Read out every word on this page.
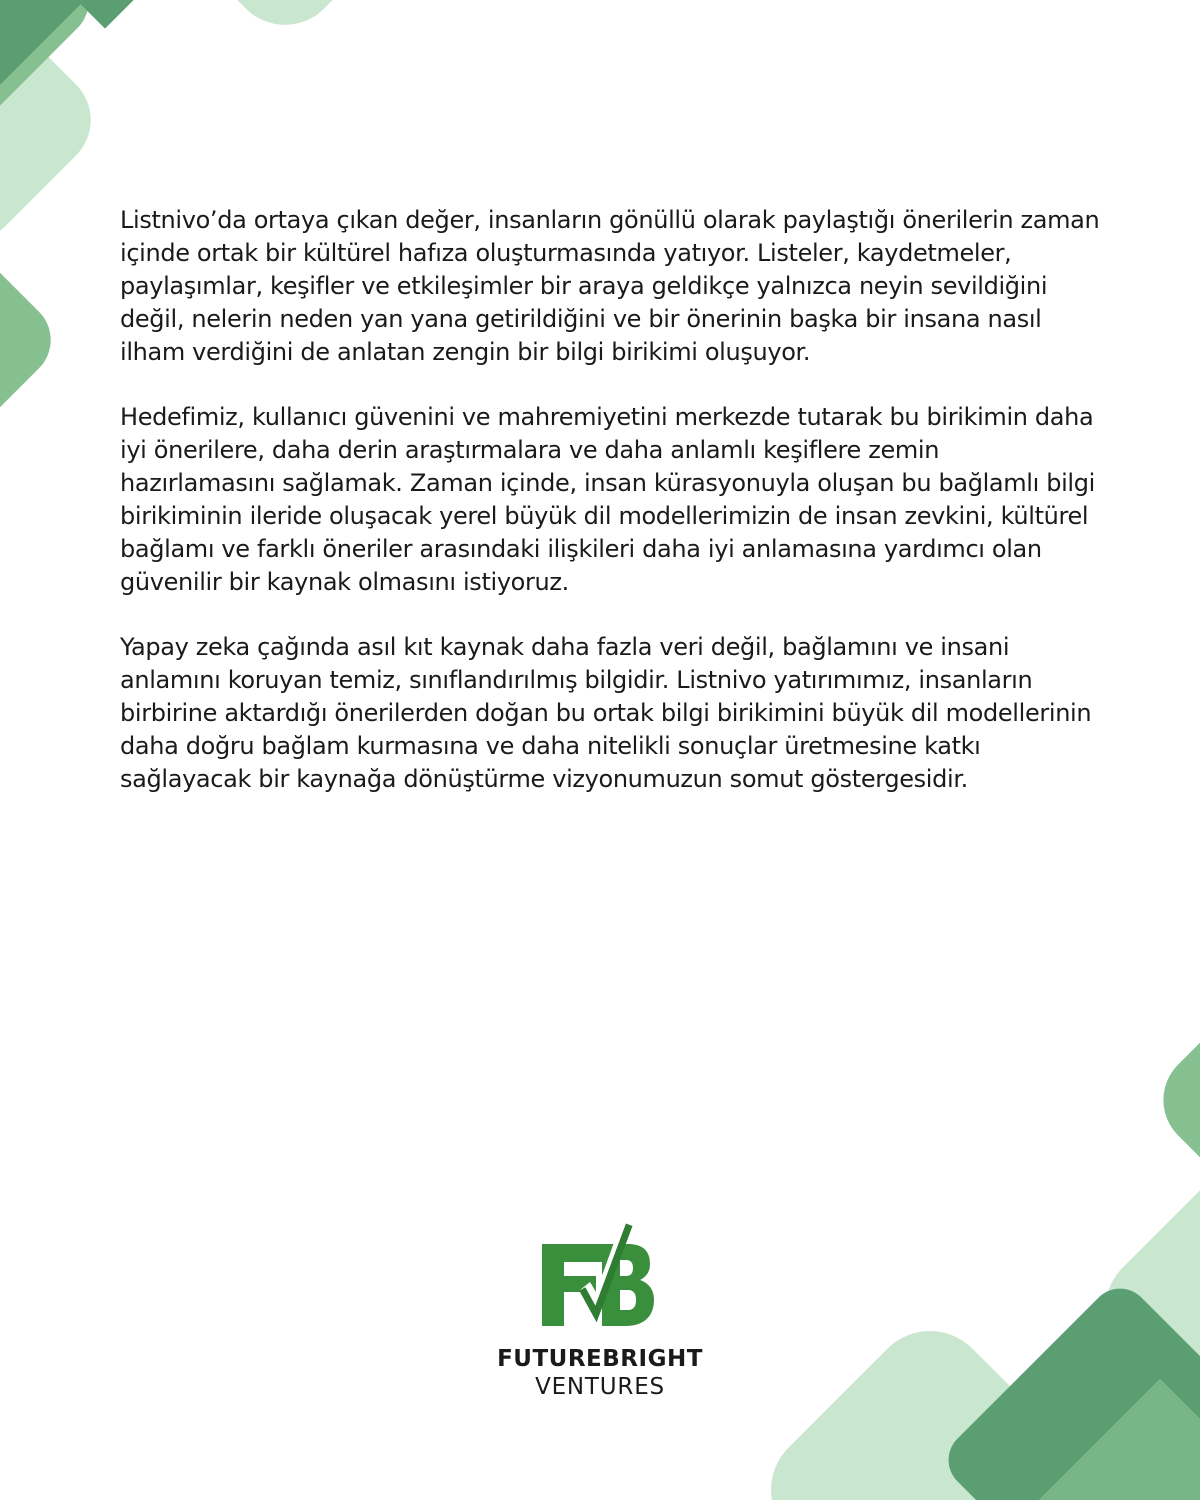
Listnivo’da ortaya çıkan değer, insanların gönüllü olarak paylaştığı önerilerin zaman içinde ortak bir kültürel hafıza oluşturmasında yatıyor. Listeler, kaydetmeler, paylaşımlar, keşifler ve etkileşimler bir araya geldikçe yalnızca neyin sevildiğini değil, nelerin neden yan yana getirildiğini ve bir önerinin başka bir insana nasıl ilham verdiğini de anlatan zengin bir bilgi birikimi oluşuyor.

Hedefimiz, kullanıcı güvenini ve mahremiyetini merkezde tutarak bu birikimin daha iyi önerilere, daha derin araştırmalara ve daha anlamlı keşiflere zemin hazırlamasını sağlamak. Zaman içinde, insan kürasyonuyla oluşan bu bağlamlı bilgi birikiminin ileride oluşacak yerel büyük dil modellerimizin de insan zevkini, kültürel bağlamı ve farklı öneriler arasındaki ilişkileri daha iyi anlamasına yardımcı olan güvenilir bir kaynak olmasını istiyoruz.

Yapay zeka çağında asıl kıt kaynak daha fazla veri değil, bağlamını ve insani anlamını koruyan temiz, sınıflandırılmış bilgidir. Listnivo yatırımımız, insanların birbirine aktardığı önerilerden doğan bu ortak bilgi birikimini büyük dil modellerinin daha doğru bağlam kurmasına ve daha nitelikli sonuçlar üretmesine katkı sağlayacak bir kaynağa dönüştürme vizyonumuzun somut göstergesidir.

FUTUREBRIGHT
VENTURES
